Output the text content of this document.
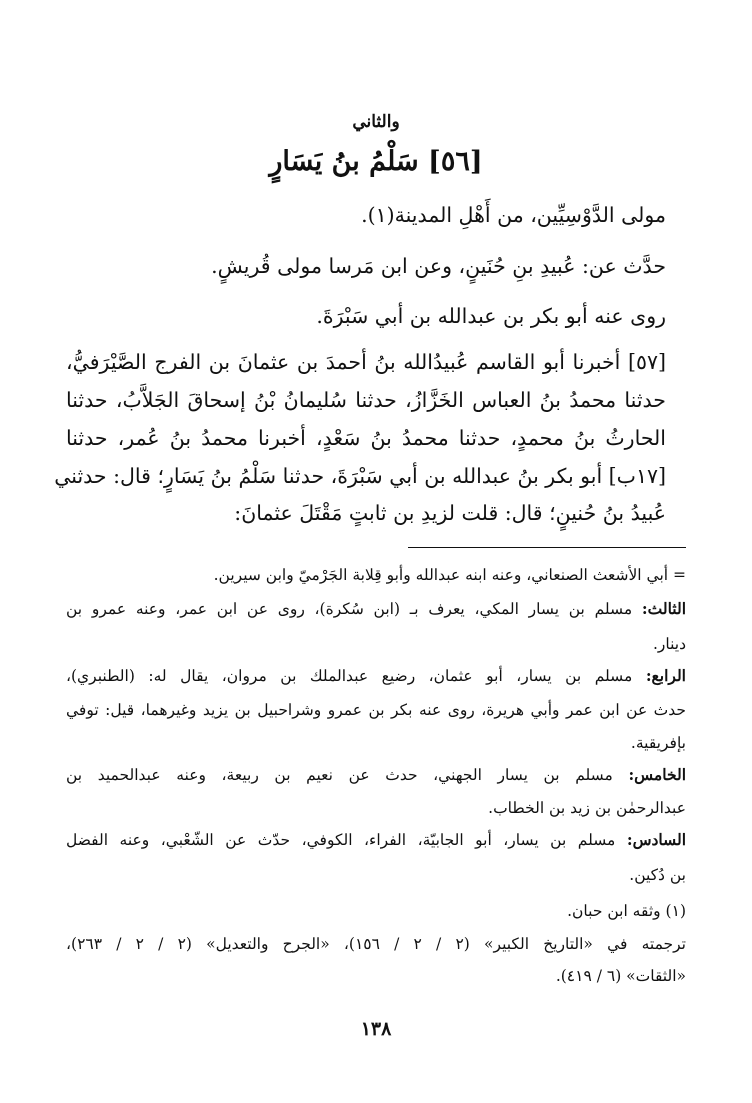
والثاني
[٥٦] سَلْمُ بنُ يَسَارٍ
مولى الدَّوْسِيِّين، من أَهْلِ المدينة(١).
حدَّث عن: عُبيدِ بنِ حُنَينٍ، وعن ابن مَرسا مولى قُريشٍ.
روى عنه أبو بكر بن عبدالله بن أبي سَبْرَةَ.
[٥٧] أخبرنا أبو القاسم عُبيدُالله بنُ أحمدَ بن عثمانَ بن الفرج الصَّيْرَفيُّ،
حدثنا محمدُ بنُ العباس الخَزَّازُ، حدثنا سُليمانُ بْنُ إسحاقَ الجَلاَّبُ، حدثنا
الحارثُ بنُ محمدٍ، حدثنا محمدُ بنُ سَعْدٍ، أخبرنا محمدُ بنُ عُمر، حدثنا
[١٧ب] أبو بكر بنُ عبدالله بن أبي سَبْرَةَ، حدثنا سَلْمُ بنُ يَسَارٍ؛ قال: حدثني
عُبيدُ بنُ حُنينٍ؛ قال: قلت لزيدِ بن ثابتٍ مَقْتَلَ عثمانَ:
= أبي الأشعث الصنعاني، وعنه ابنه عبدالله وأبو قِلابة الجَرْميّ وابن سيرين.
الثالث: مسلم بن يسار المكي، يعرف بـ (ابن سُكرة)، روى عن ابن عمر، وعنه عمرو بن
دينار.
الرابع: مسلم بن يسار، أبو عثمان، رضيع عبدالملك بن مروان، يقال له: (الطنبري)،
حدث عن ابن عمر وأبي هريرة، روى عنه بكر بن عمرو وشراحبيل بن يزيد وغيرهما، قيل: توفي
بإفريقية.
الخامس: مسلم بن يسار الجهني، حدث عن نعيم بن ربيعة، وعنه عبدالحميد بن
عبدالرحمٰن بن زيد بن الخطاب.
السادس: مسلم بن يسار، أبو الجابيّة، الفراء، الكوفي، حدّث عن الشّعْبي، وعنه الفضل
بن دُكين.
(١) وثقه ابن حبان.
ترجمته في «التاريخ الكبير» (٢ / ٢ / ١٥٦)، «الجرح والتعديل» (٢ / ٢ / ٢٦٣)،
«الثقات» (٦ / ٤١٩).
١٣٨
